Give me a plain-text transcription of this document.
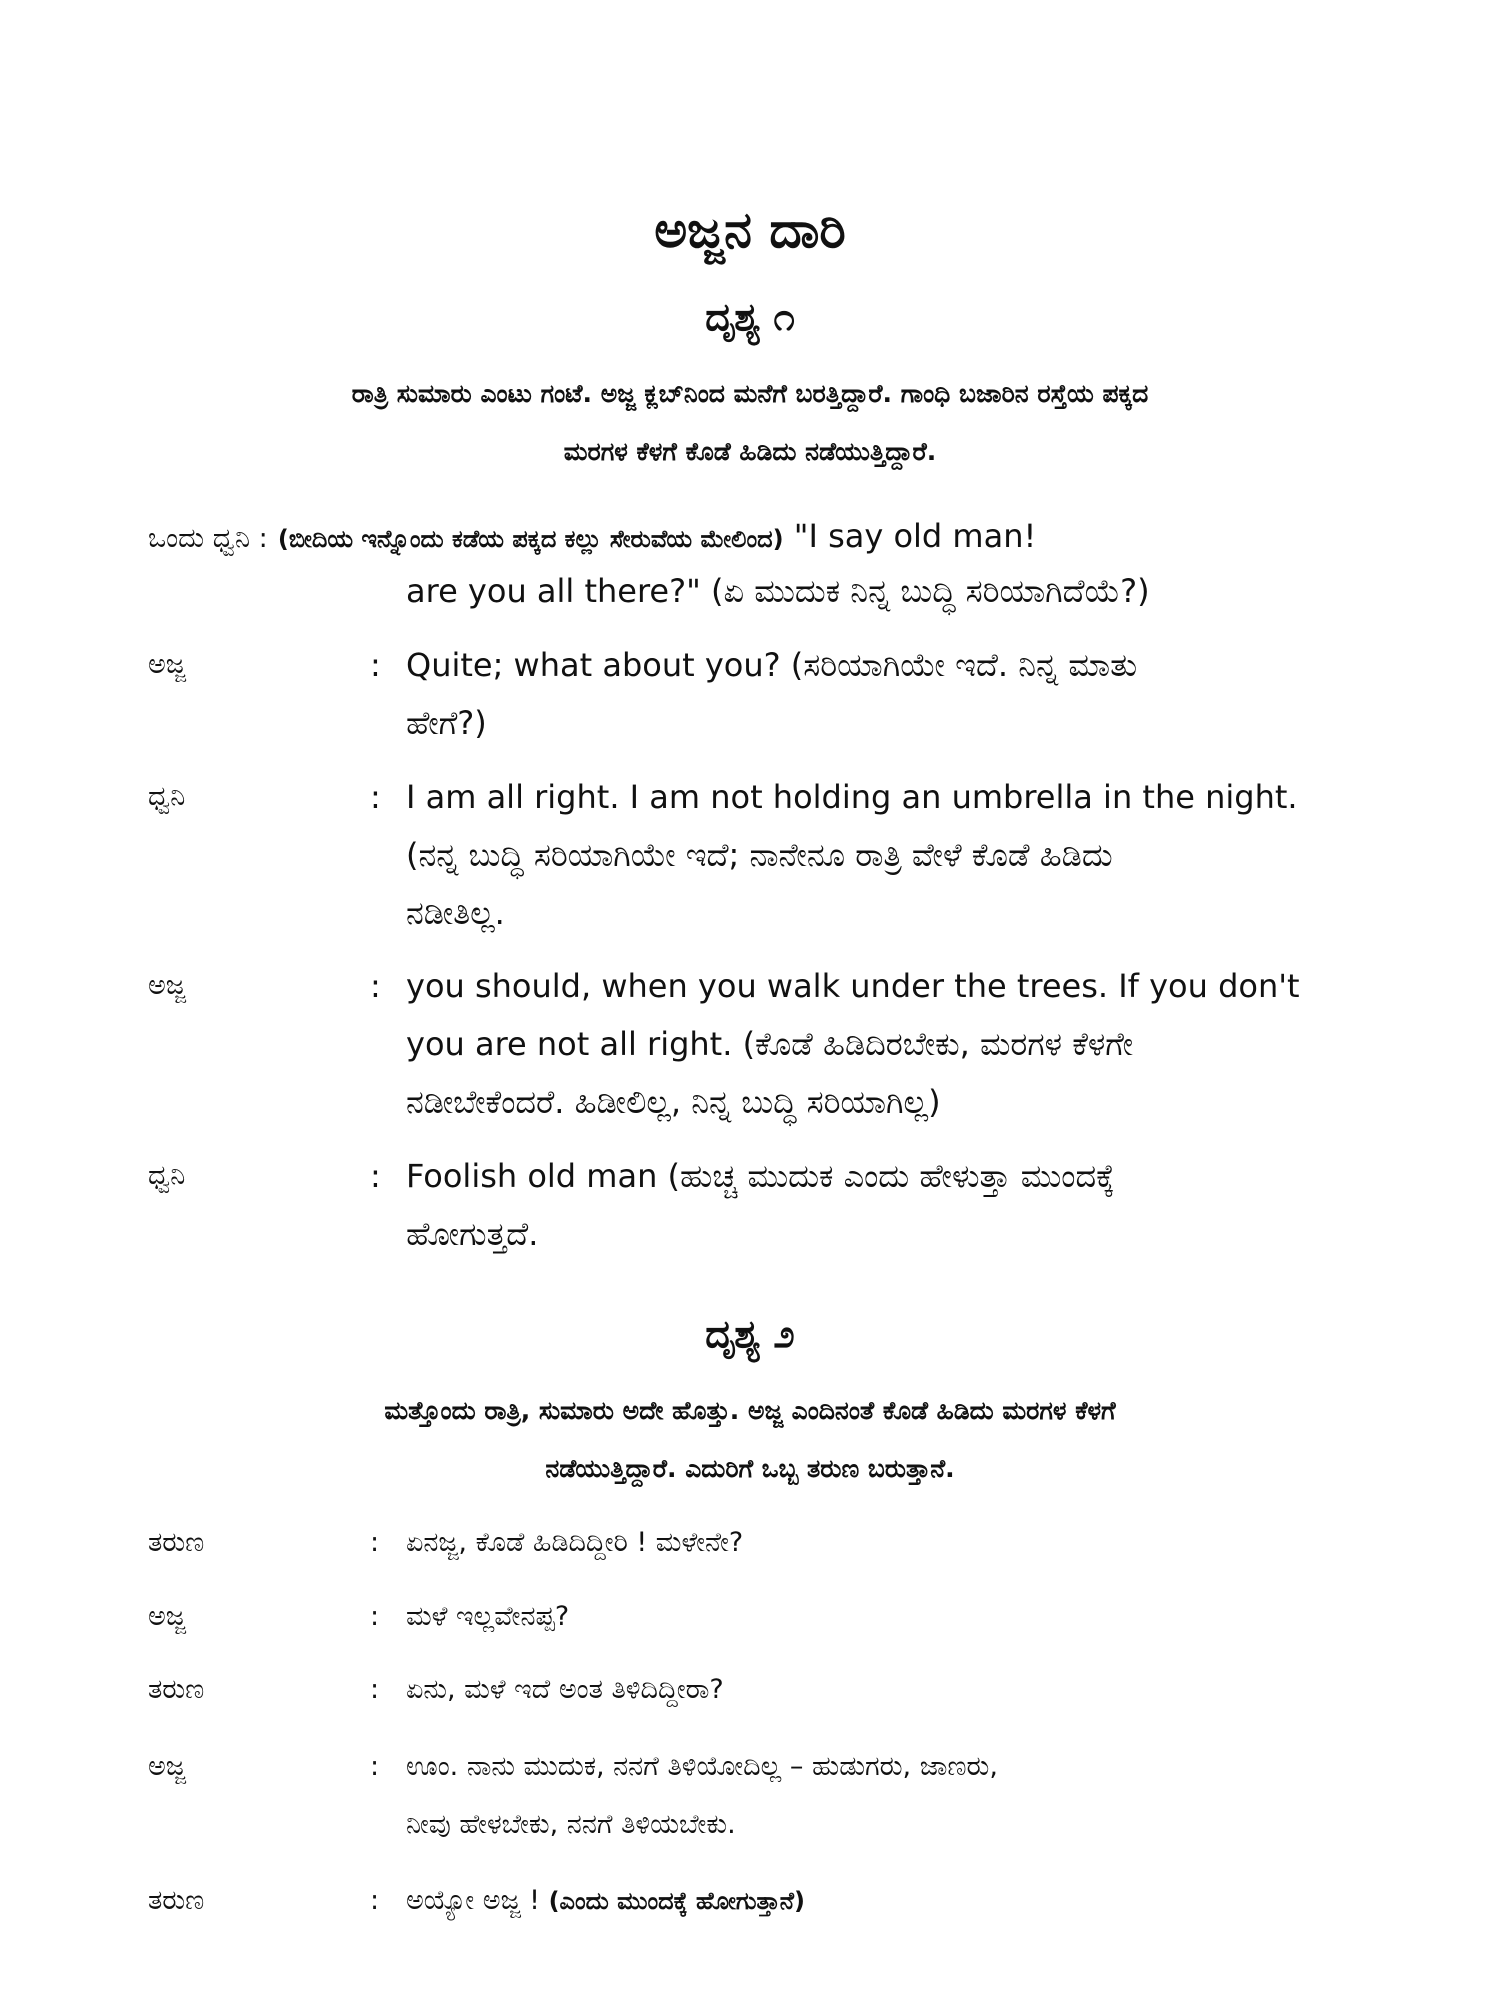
ಅಜ್ಜನ ದಾರಿ
ದೃಶ್ಯ ೧
ರಾತ್ರಿ ಸುಮಾರು ಎಂಟು ಗಂಟೆ. ಅಜ್ಜ ಕ್ಲಬ್‌ನಿಂದ ಮನೆಗೆ ಬರತ್ತಿದ್ದಾರೆ. ಗಾಂಧಿ ಬಜಾರಿನ ರಸ್ತೆಯ ಪಕ್ಕದ
ಮರಗಳ ಕೆಳಗೆ ಕೊಡೆ ಹಿಡಿದು ನಡೆಯುತ್ತಿದ್ದಾರೆ.
ಒಂದು ಧ್ವನಿ : (ಬೀದಿಯ ಇನ್ನೊಂದು ಕಡೆಯ ಪಕ್ಕದ ಕಲ್ಲು ಸೇರುವೆಯ ಮೇಲಿಂದ) "I say old man!
are you all there?" (ಏ ಮುದುಕ ನಿನ್ನ ಬುದ್ಧಿ ಸರಿಯಾಗಿದೆಯೆ?)
ಅಜ್ಜ	: Quite; what about you? (ಸರಿಯಾಗಿಯೇ ಇದೆ. ನಿನ್ನ ಮಾತು
ಹೇಗೆ?)
ಧ್ವನಿ	: I am all right. I am not holding an umbrella in the night.
(ನನ್ನ ಬುದ್ಧಿ ಸರಿಯಾಗಿಯೇ ಇದೆ; ನಾನೇನೂ ರಾತ್ರಿ ವೇಳೆ ಕೊಡೆ ಹಿಡಿದು
ನಡೀತಿಲ್ಲ.
ಅಜ್ಜ	: you should, when you walk under the trees. If you don't
you are not all right. (ಕೊಡೆ ಹಿಡಿದಿರಬೇಕು, ಮರಗಳ ಕೆಳಗೇ
ನಡೀಬೇಕೆಂದರೆ. ಹಿಡೀಲಿಲ್ಲ, ನಿನ್ನ ಬುದ್ಧಿ ಸರಿಯಾಗಿಲ್ಲ)
ಧ್ವನಿ	: Foolish old man (ಹುಚ್ಚ ಮುದುಕ ಎಂದು ಹೇಳುತ್ತಾ ಮುಂದಕ್ಕೆ
ಹೋಗುತ್ತದೆ.
ದೃಶ್ಯ ೨
ಮತ್ತೊಂದು ರಾತ್ರಿ, ಸುಮಾರು ಅದೇ ಹೊತ್ತು. ಅಜ್ಜ ಎಂದಿನಂತೆ ಕೊಡೆ ಹಿಡಿದು ಮರಗಳ ಕೆಳಗೆ
ನಡೆಯುತ್ತಿದ್ದಾರೆ. ಎದುರಿಗೆ ಒಬ್ಬ ತರುಣ ಬರುತ್ತಾನೆ.
ತರುಣ	: ಏನಜ್ಜ, ಕೊಡೆ ಹಿಡಿದಿದ್ದೀರಿ ! ಮಳೇನೇ?
ಅಜ್ಜ	: ಮಳೆ ಇಲ್ಲವೇನಪ್ಪ?
ತರುಣ	: ಏನು, ಮಳೆ ಇದೆ ಅಂತ ತಿಳಿದಿದ್ದೀರಾ?
ಅಜ್ಜ	: ಊಂ. ನಾನು ಮುದುಕ, ನನಗೆ ತಿಳಿಯೋದಿಲ್ಲ – ಹುಡುಗರು, ಜಾಣರು,
ನೀವು ಹೇಳಬೇಕು, ನನಗೆ ತಿಳಿಯಬೇಕು.
ತರುಣ	: ಅಯ್ಯೋ ಅಜ್ಜ ! (ಎಂದು ಮುಂದಕ್ಕೆ ಹೋಗುತ್ತಾನೆ)
